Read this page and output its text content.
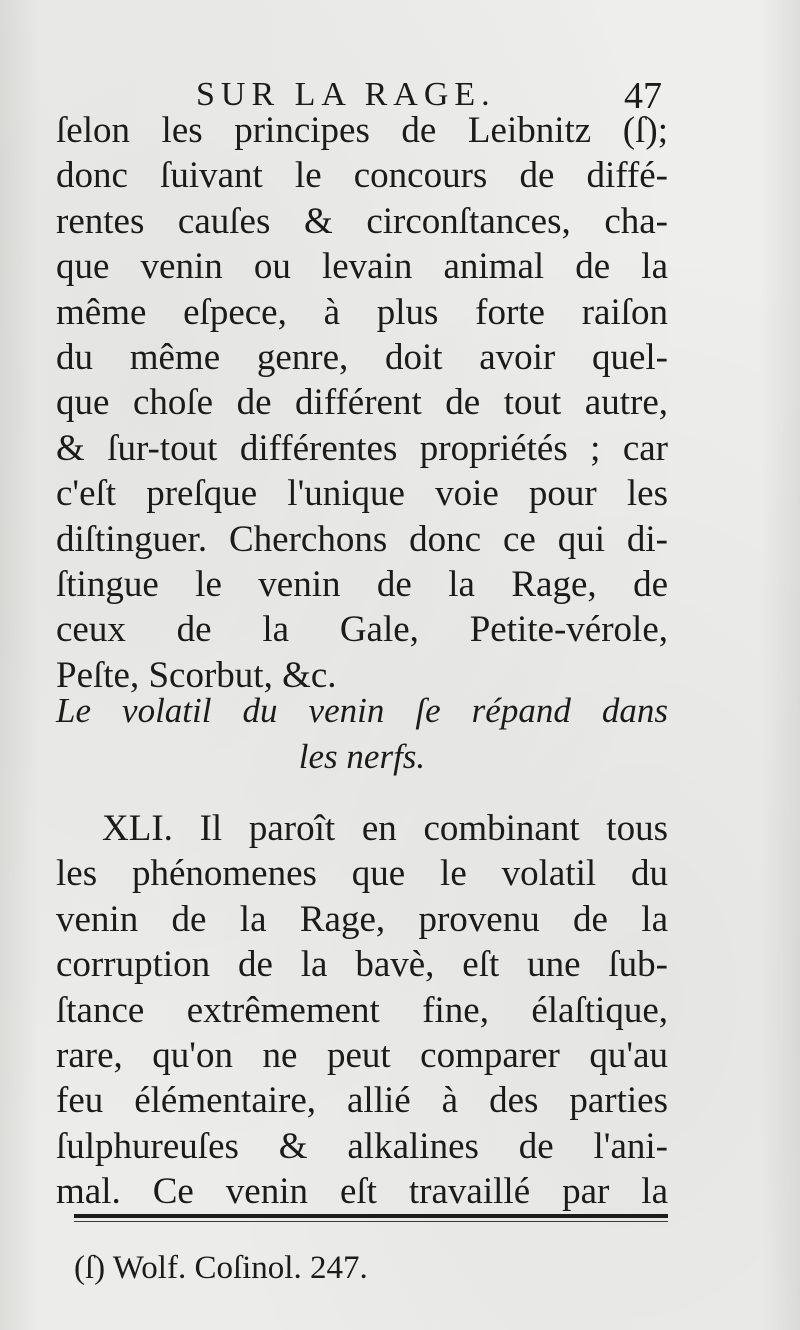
SUR LA RAGE.	47
ſelon les principes de Leibnitz (ſ);
donc ſuivant le concours de diffé-
rentes cauſes & circonſtances, cha-
que venin ou levain animal de la
même eſpece, à plus forte raiſon
du même genre, doit avoir quel-
que choſe de différent de tout autre,
& ſur-tout différentes propriétés ; car
c'eſt preſque l'unique voie pour les
diſtinguer. Cherchons donc ce qui di-
ſtingue le venin de la Rage, de
ceux de la Gale, Petite-vérole,
Peſte, Scorbut, &c.
Le volatil du venin ſe répand dans
les nerfs.
XLI. Il paroît en combinant tous
les phénomenes que le volatil du
venin de la Rage, provenu de la
corruption de la bavè, eſt une ſub-
ſtance extrêmement fine, élaſtique,
rare, qu'on ne peut comparer qu'au
feu élémentaire, allié à des parties
ſulphureuſes & alkalines de l'ani-
mal. Ce venin eſt travaillé par la
(ſ) Wolf. Coſinol. 247.
